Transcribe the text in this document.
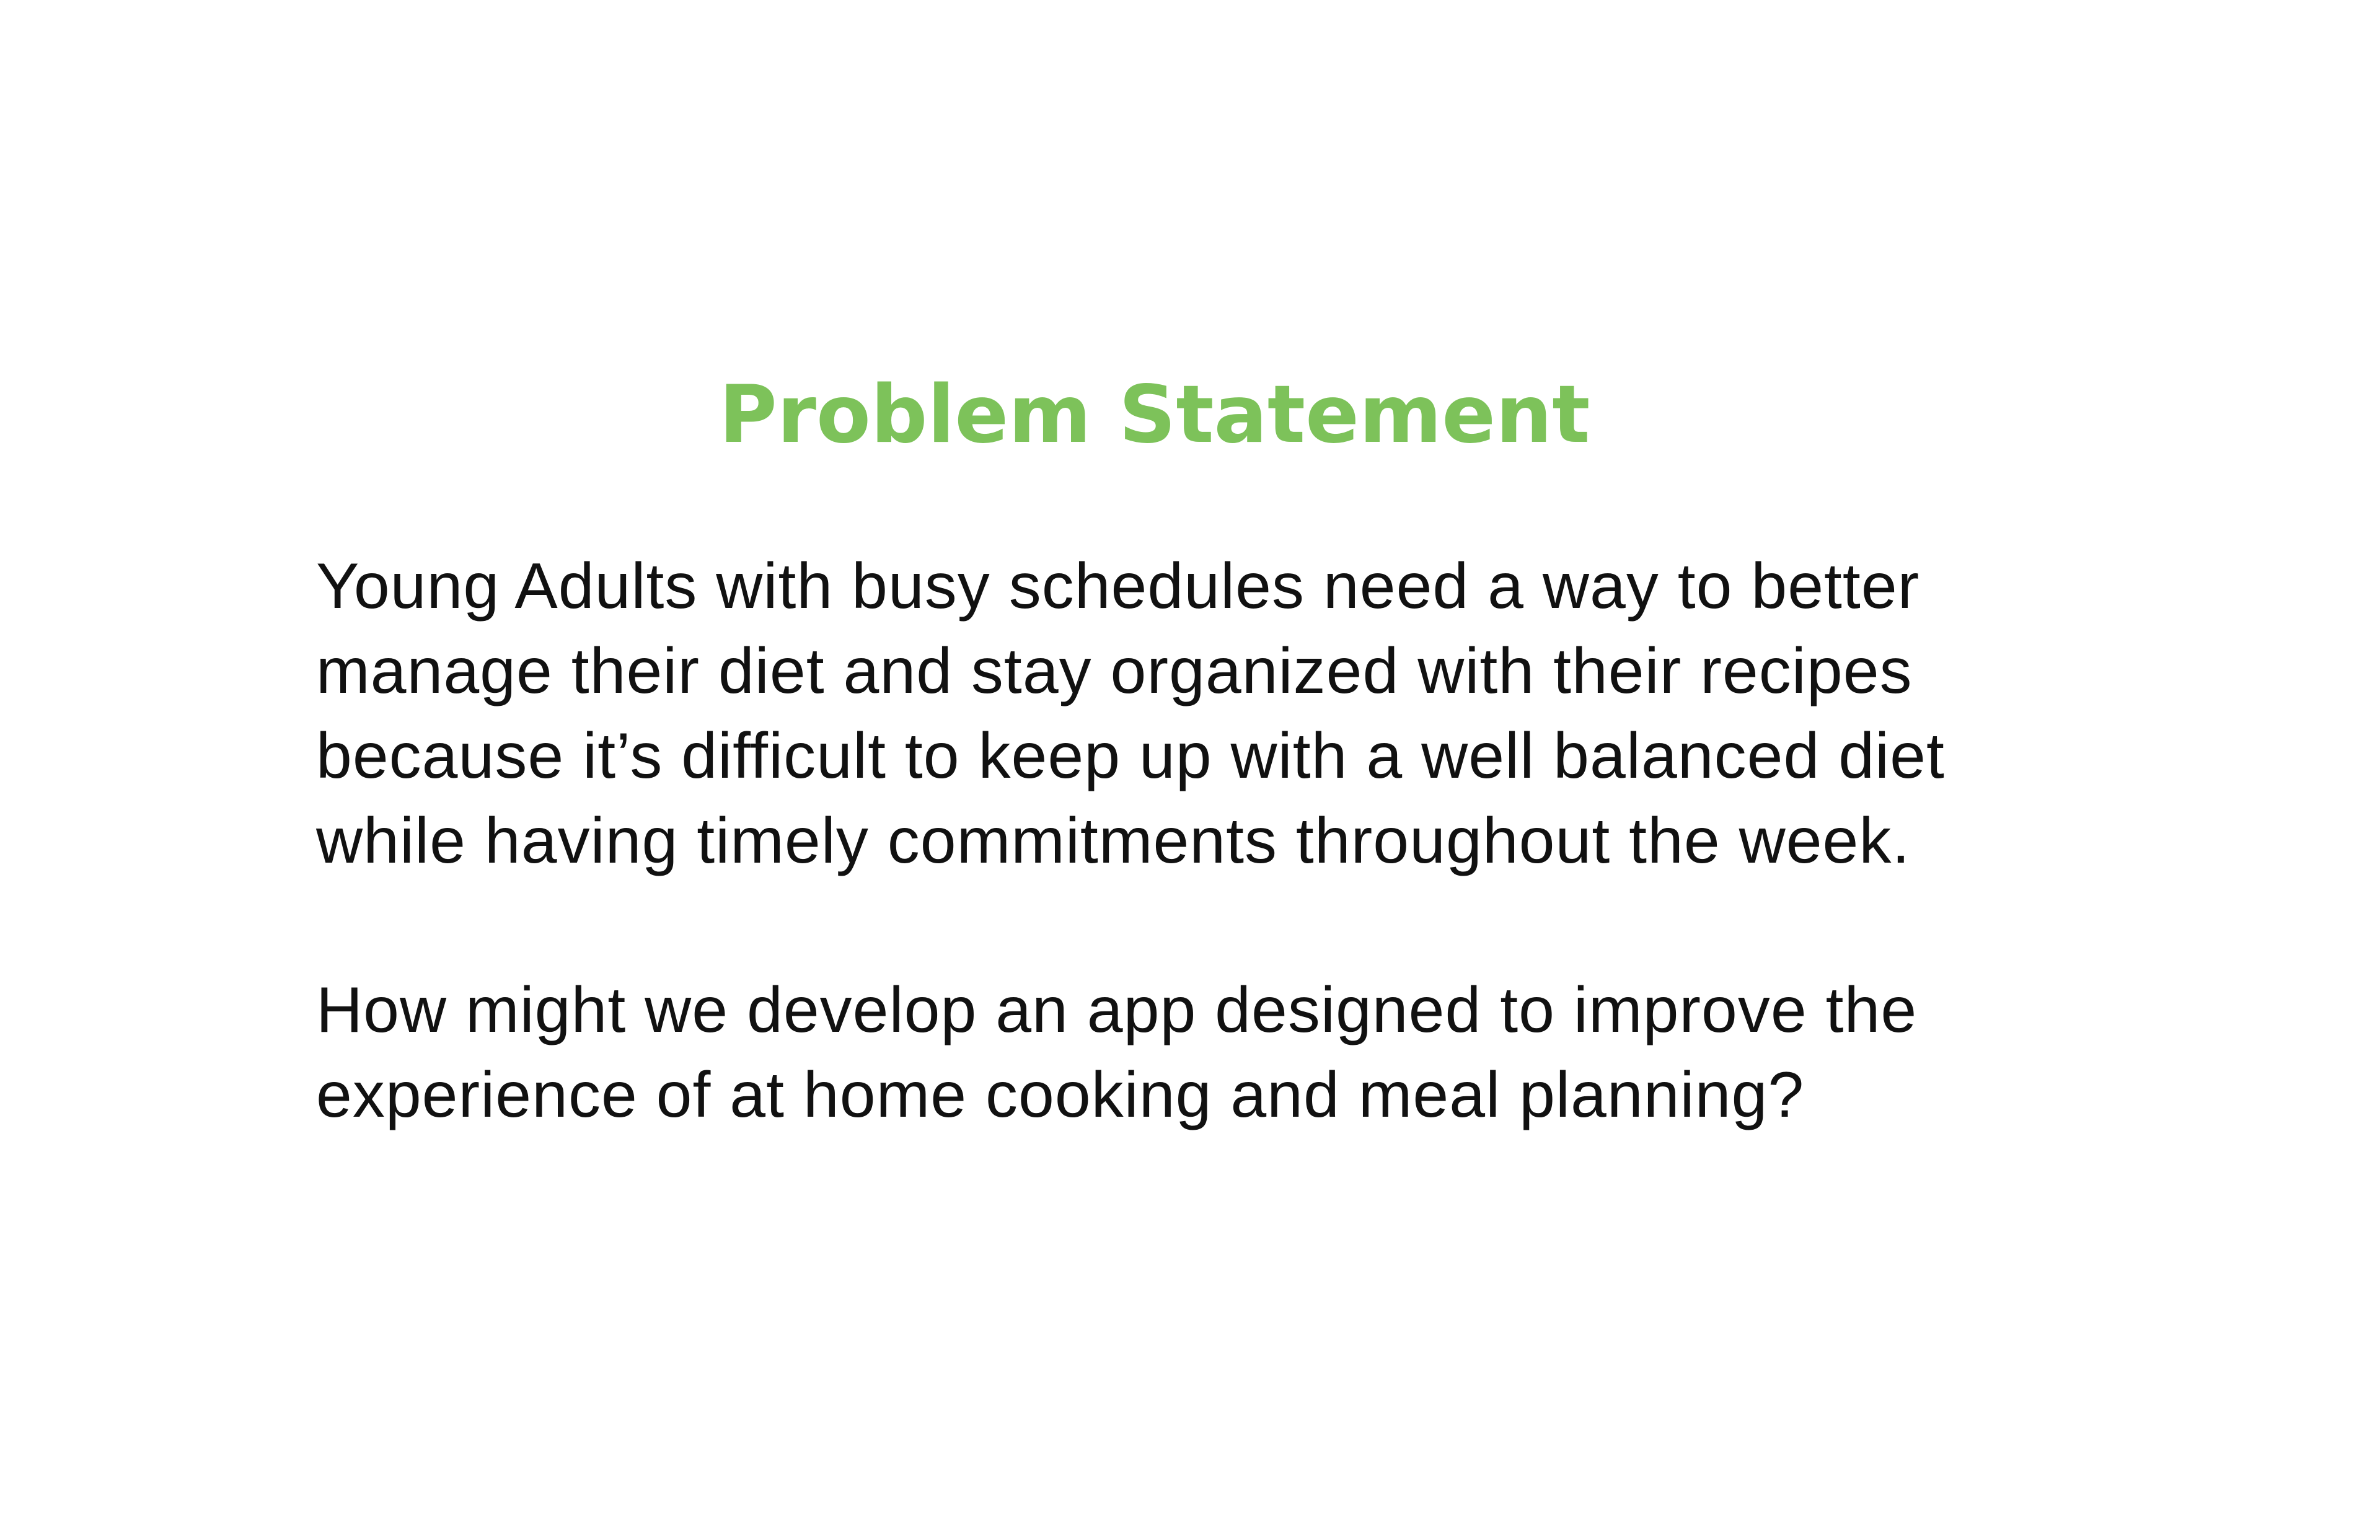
Problem Statement

Young Adults with busy schedules need a way to better
manage their diet and stay organized with their recipes
because it’s difficult to keep up with a well balanced diet
while having timely commitments throughout the week.

How might we develop an app designed to improve the
experience of at home cooking and meal planning?
